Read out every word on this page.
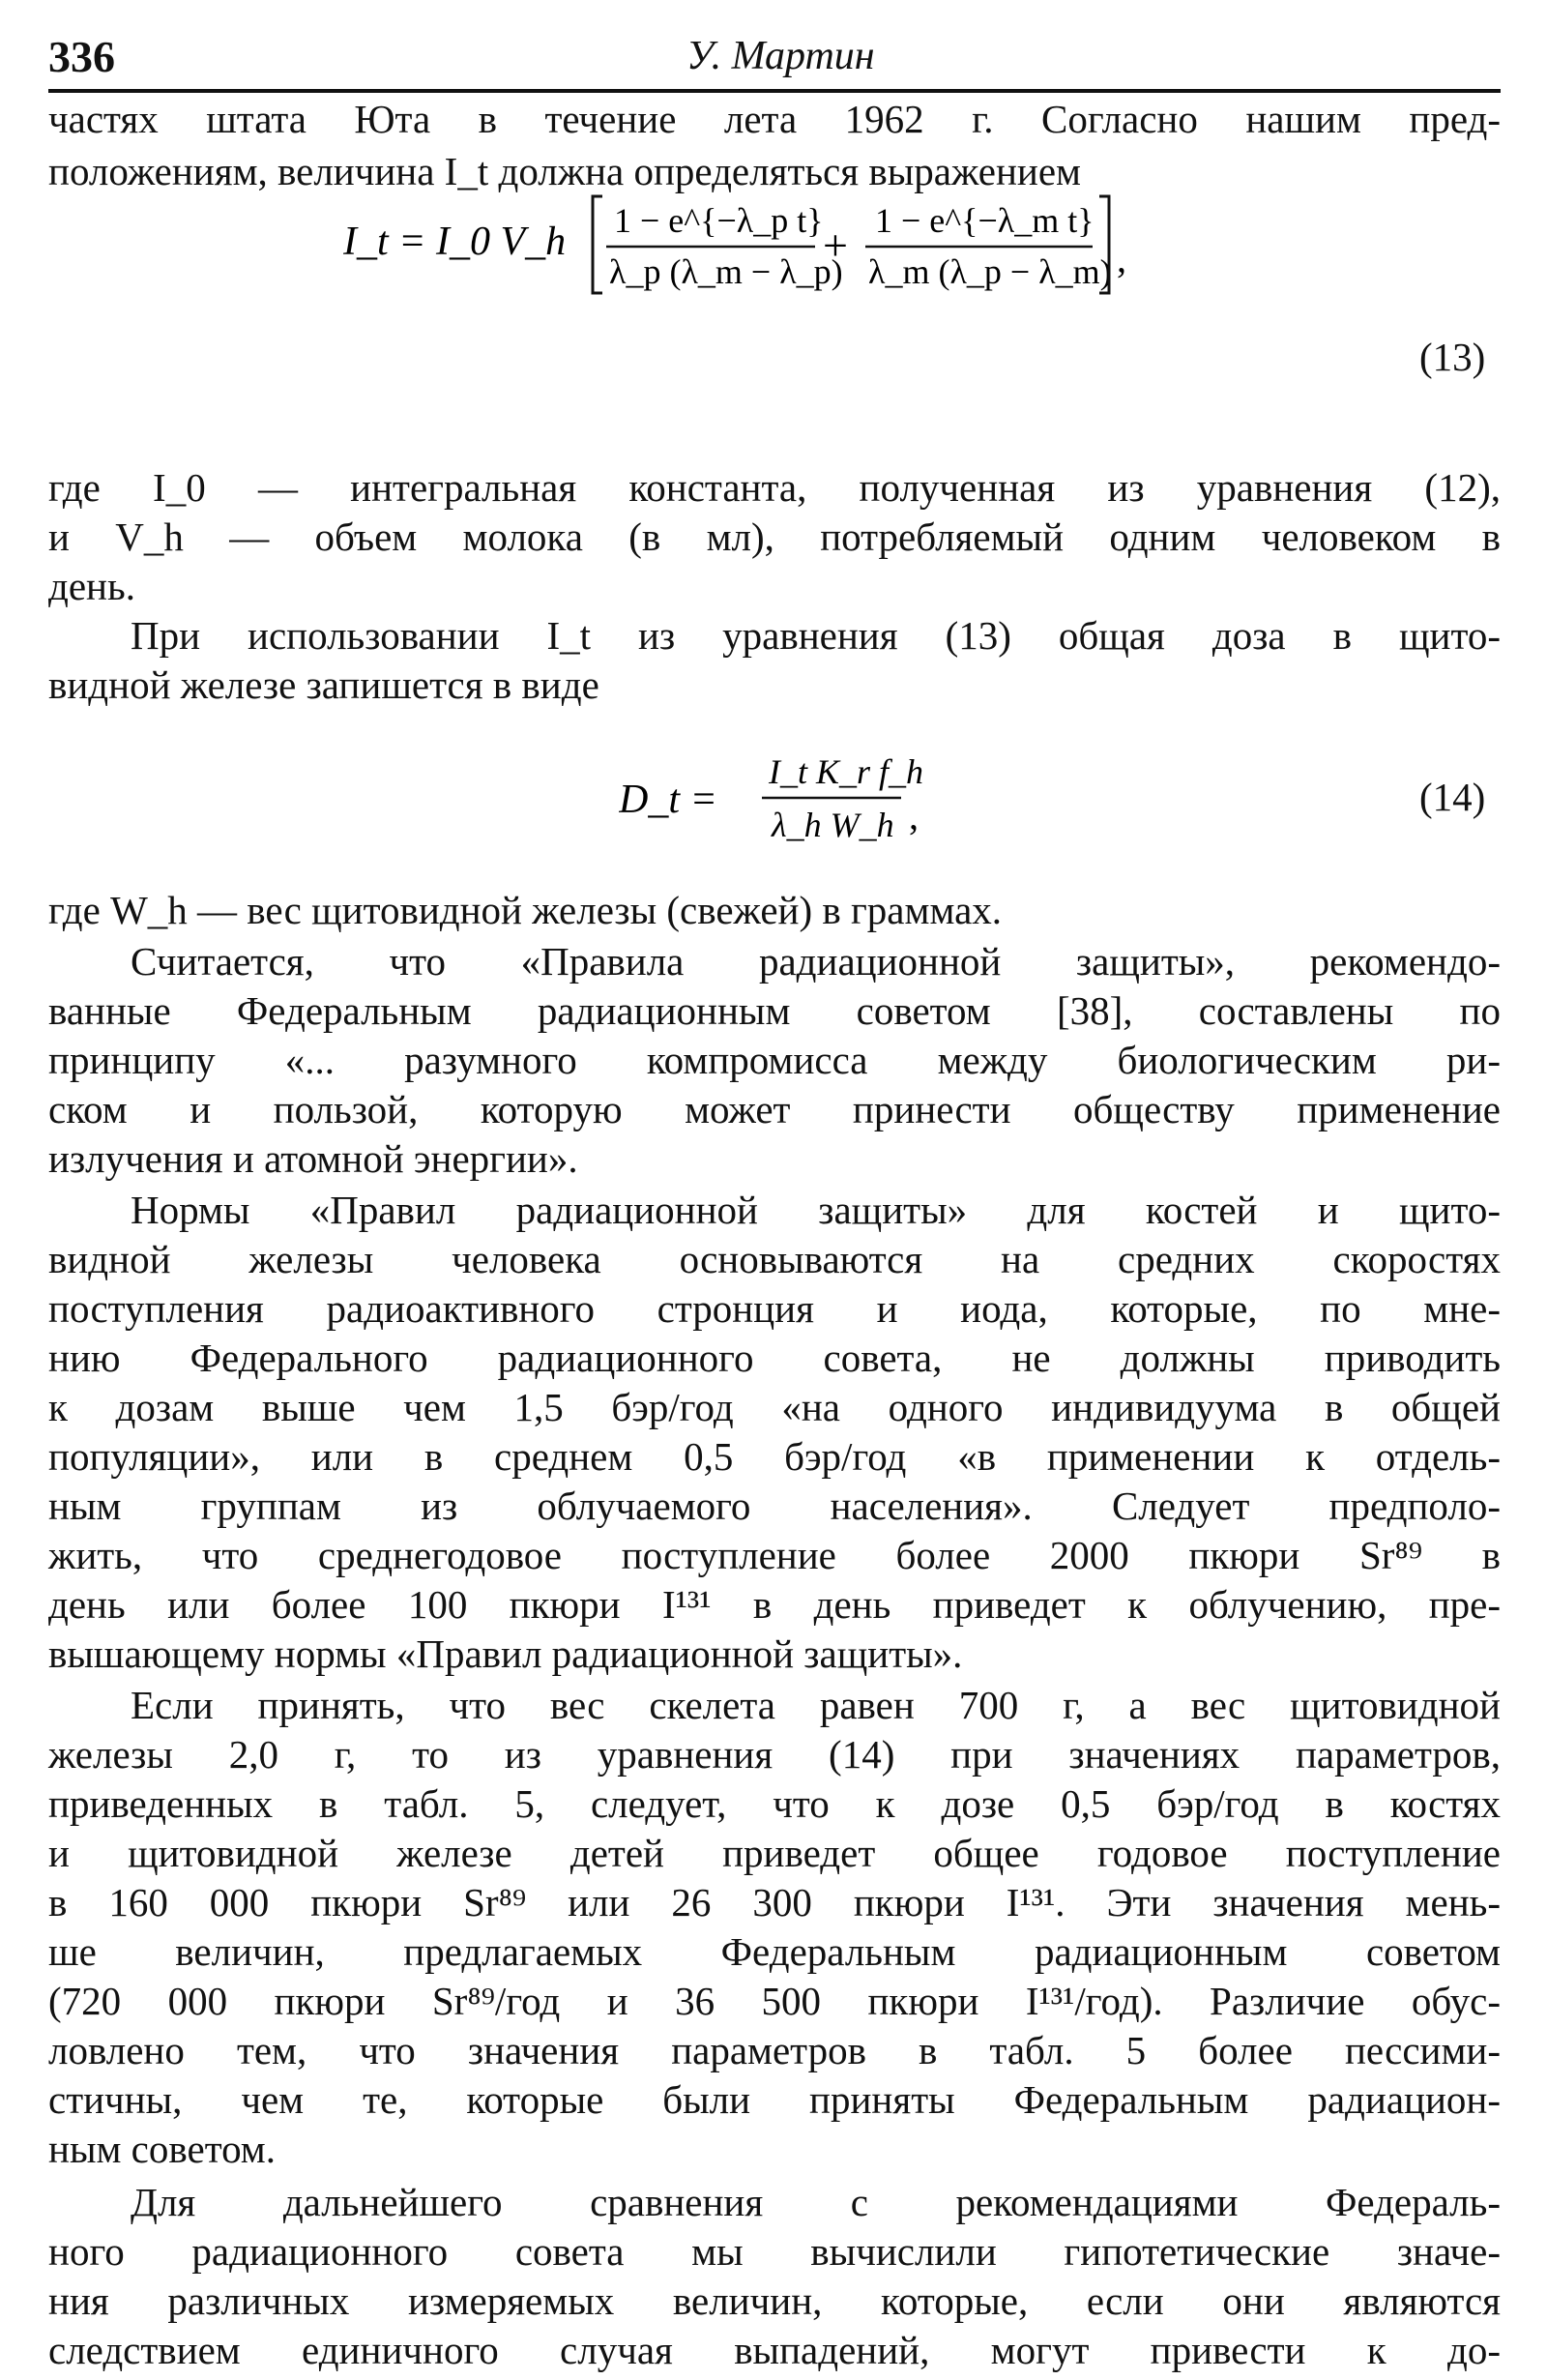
336	У. Мартин
частях штата Юта в течение лета 1962 г. Согласно нашим пред-
положениям, величина I_t должна определяться выражением
I_t = I_0 V_h 1 − e^{−λ_p t}
λ_p (λ_m − λ_p)
+ 1 − e^{−λ_m t}
λ_m (λ_p − λ_m) ,
(13)
где I_0 — интегральная константа, полученная из уравнения (12),
и V_h — объем молока (в мл), потребляемый одним человеком в
день.
При использовании I_t из уравнения (13) общая доза в щито-
видной железе запишется в виде
D_t =
I_t K_r f_h
λ_h W_h ,	(14)
где W_h — вес щитовидной железы (свежей) в граммах.
Считается, что «Правила радиационной защиты», рекомендо-
ванные Федеральным радиационным советом [38], составлены по
принципу «... разумного компромисса между биологическим ри-
ском и пользой, которую может принести обществу применение
излучения и атомной энергии».
Нормы «Правил радиационной защиты» для костей и щито-
видной железы человека основываются на средних скоростях
поступления радиоактивного стронция и иода, которые, по мне-
нию Федерального радиационного совета, не должны приводить
к дозам выше чем 1,5 бэр/год «на одного индивидуума в общей
популяции», или в среднем 0,5 бэр/год «в применении к отдель-
ным группам из облучаемого населения». Следует предполо-
жить, что среднегодовое поступление более 2000 пкюри Sr⁸⁹ в
день или более 100 пкюри I¹³¹ в день приведет к облучению, пре-
вышающему нормы «Правил радиационной защиты».
Если принять, что вес скелета равен 700 г, а вес щитовидной
железы 2,0 г, то из уравнения (14) при значениях параметров,
приведенных в табл. 5, следует, что к дозе 0,5 бэр/год в костях
и щитовидной железе детей приведет общее годовое поступление
в 160 000 пкюри Sr⁸⁹ или 26 300 пкюри I¹³¹. Эти значения мень-
ше величин, предлагаемых Федеральным радиационным советом
(720 000 пкюри Sr⁸⁹/год и 36 500 пкюри I¹³¹/год). Различие обус-
ловлено тем, что значения параметров в табл. 5 более пессими-
стичны, чем те, которые были приняты Федеральным радиацион-
ным советом.
Для дальнейшего сравнения с рекомендациями Федераль-
ного радиационного совета мы вычислили гипотетические значе-
ния различных измеряемых величин, которые, если они являются
следствием единичного случая выпадений, могут привести к до-
